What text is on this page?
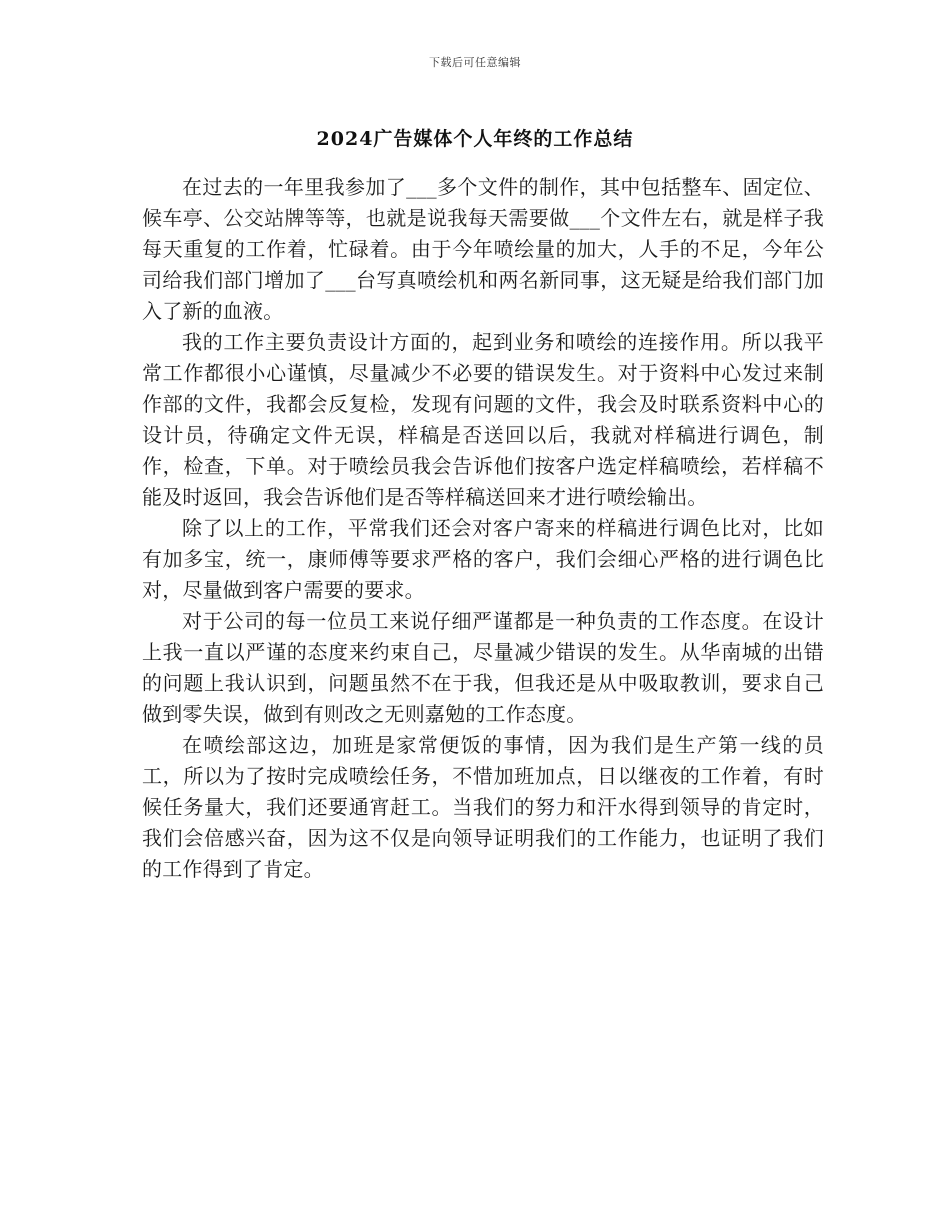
下载后可任意编辑
2024广告媒体个人年终的工作总结

在过去的一年里我参加了___多个文件的制作，其中包括整车、固定位、候车亭、公交站牌等等，也就是说我每天需要做___个文件左右，就是样子我每天重复的工作着，忙碌着。由于今年喷绘量的加大，人手的不足，今年公司给我们部门增加了___台写真喷绘机和两名新同事，这无疑是给我们部门加入了新的血液。

我的工作主要负责设计方面的，起到业务和喷绘的连接作用。所以我平常工作都很小心谨慎，尽量减少不必要的错误发生。对于资料中心发过来制作部的文件，我都会反复检，发现有问题的文件，我会及时联系资料中心的设计员，待确定文件无误，样稿是否送回以后，我就对样稿进行调色，制作，检查，下单。对于喷绘员我会告诉他们按客户选定样稿喷绘，若样稿不能及时返回，我会告诉他们是否等样稿送回来才进行喷绘输出。

除了以上的工作，平常我们还会对客户寄来的样稿进行调色比对，比如有加多宝，统一，康师傅等要求严格的客户，我们会细心严格的进行调色比对，尽量做到客户需要的要求。

对于公司的每一位员工来说仔细严谨都是一种负责的工作态度。在设计上我一直以严谨的态度来约束自己，尽量减少错误的发生。从华南城的出错的问题上我认识到，问题虽然不在于我，但我还是从中吸取教训，要求自己做到零失误，做到有则改之无则嘉勉的工作态度。

在喷绘部这边，加班是家常便饭的事情，因为我们是生产第一线的员工，所以为了按时完成喷绘任务，不惜加班加点，日以继夜的工作着，有时候任务量大，我们还要通宵赶工。当我们的努力和汗水得到领导的肯定时，我们会倍感兴奋，因为这不仅是向领导证明我们的工作能力，也证明了我们的工作得到了肯定。
